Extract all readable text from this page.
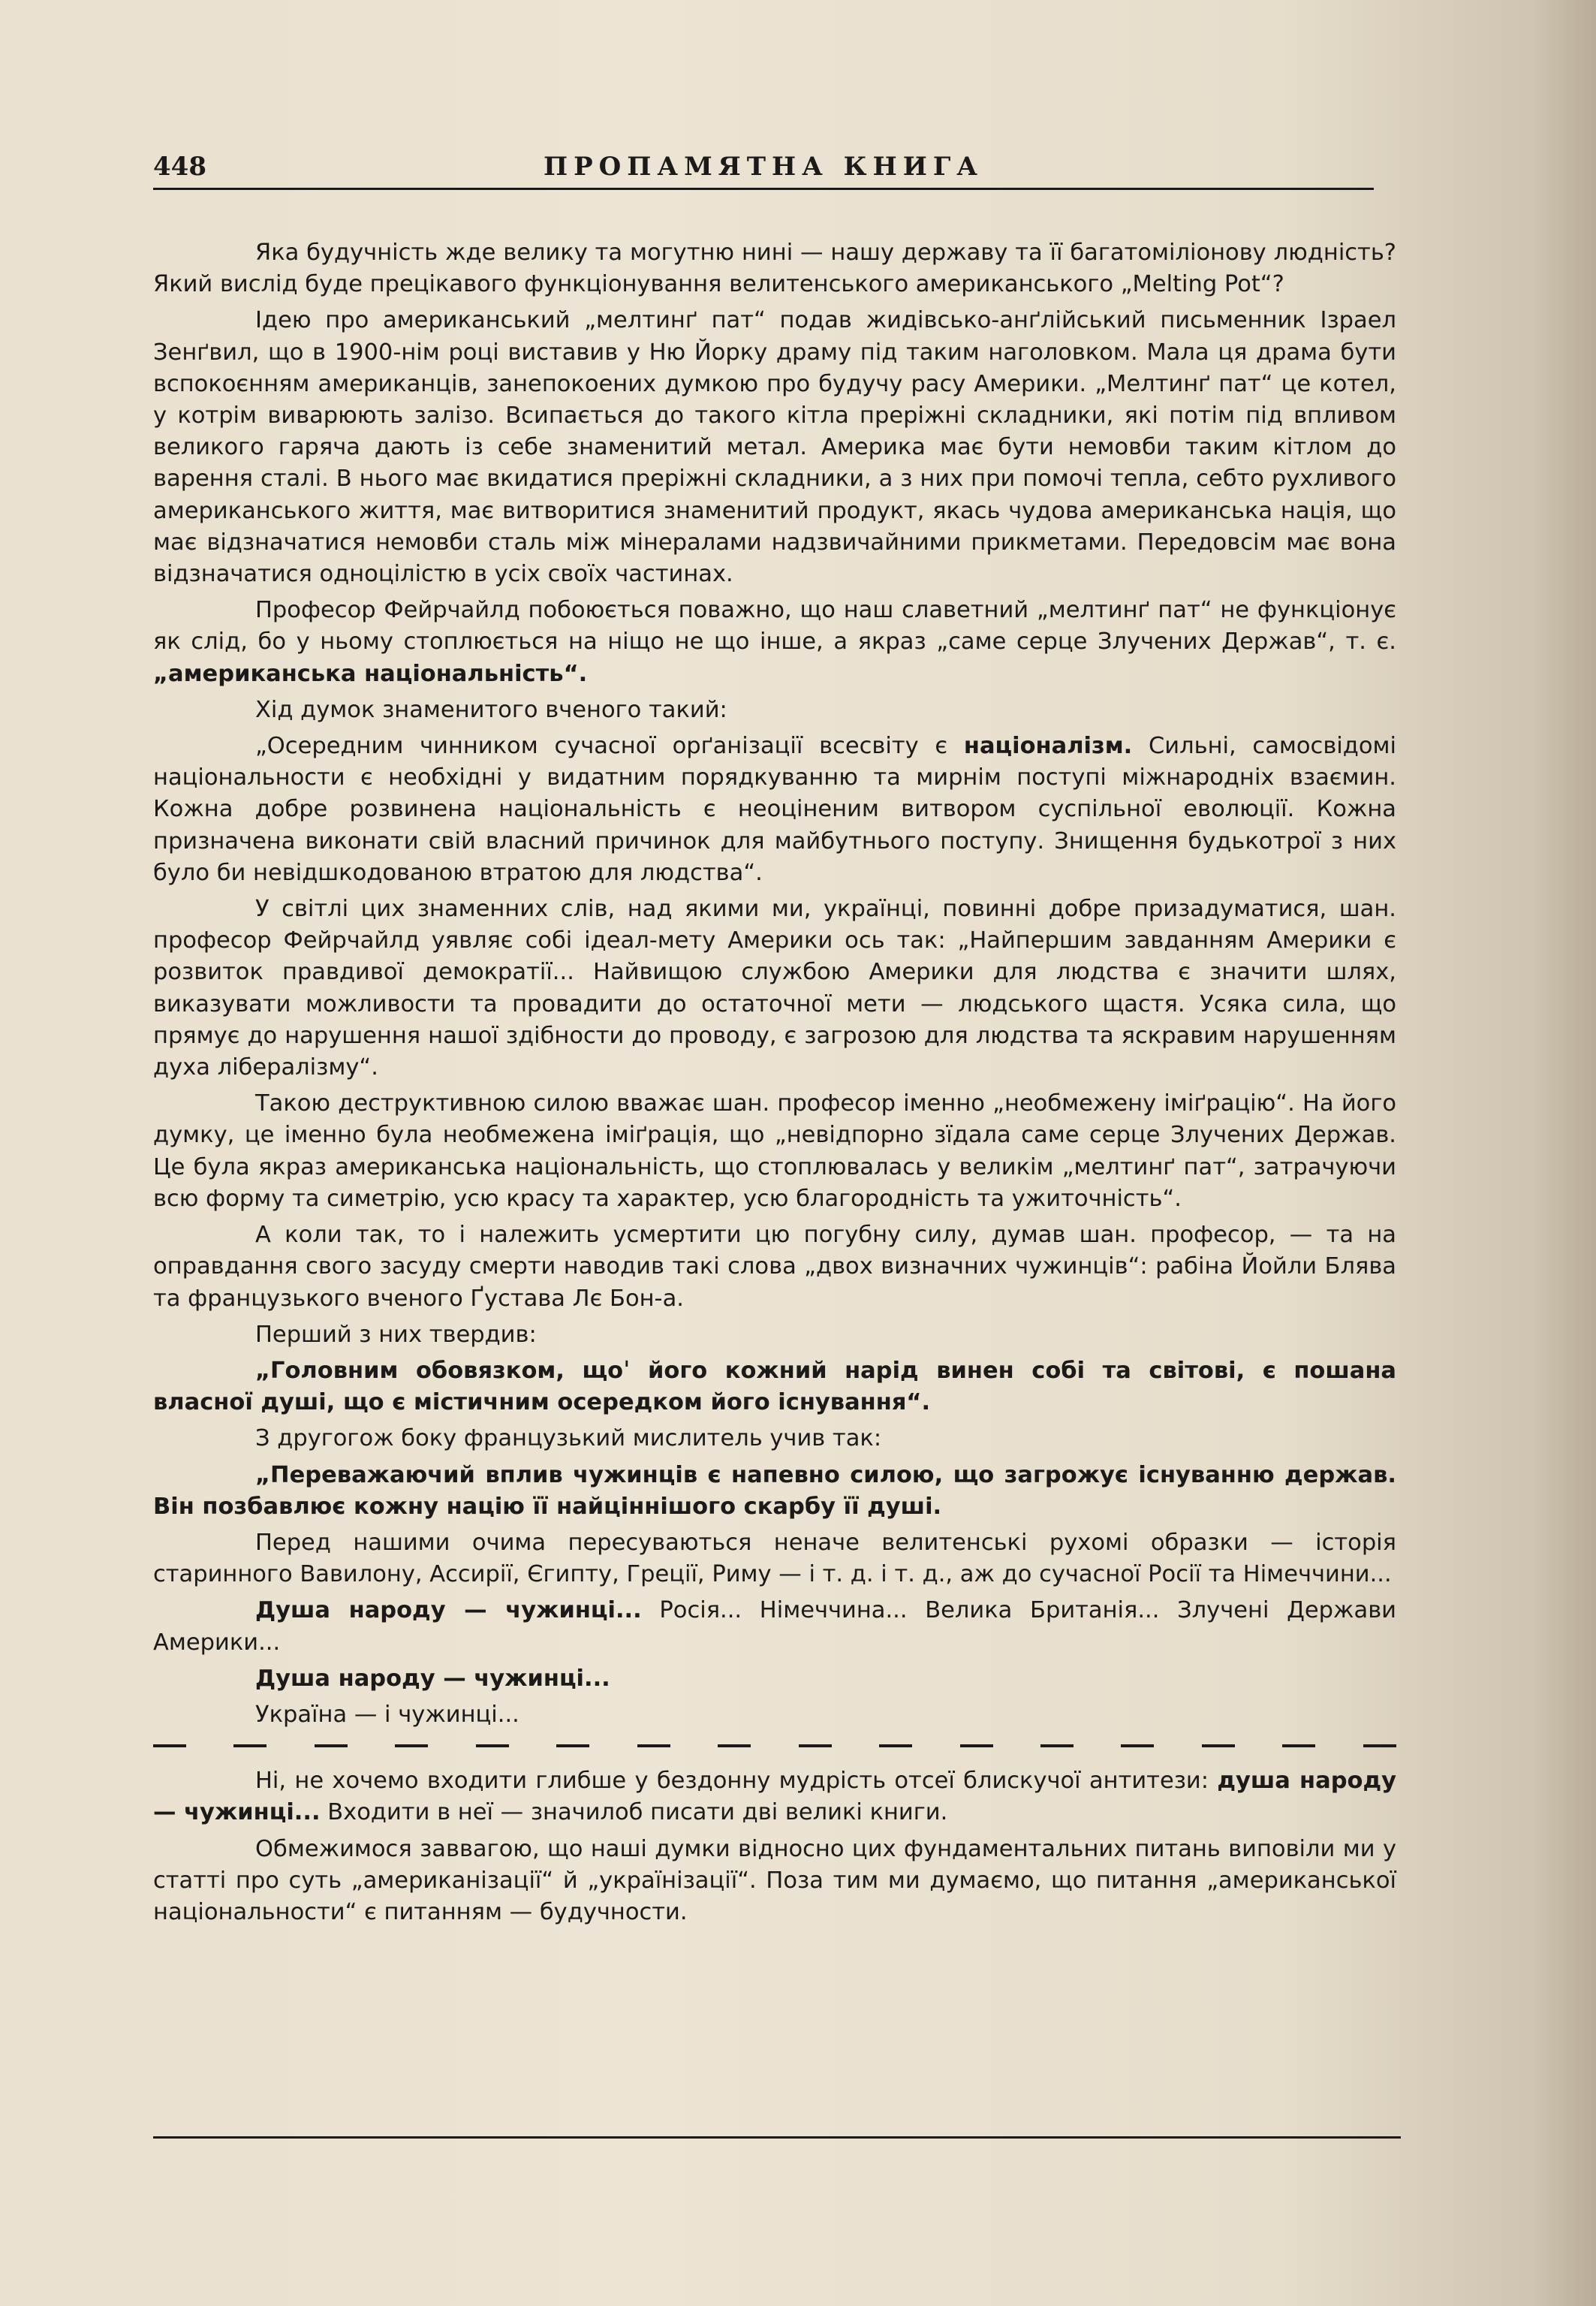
448	ПРОПАМЯТНА КНИГА

Яка будучність жде велику та могутню нині — нашу державу та її багатоміліонову людність? Який вислід буде прецікавого функціонування велитенського американського „Melting Pot“?

Ідею про американський „мелтинґ пат“ подав жидівсько-анґлійський письменник Ізраел Зенґвил, що в 1900-нім році виставив у Ню Йорку драму під таким наголовком. Мала ця драма бути вспокоєнням американців, занепокоених думкою про будучу расу Америки. „Мелтинґ пат“ це котел, у котрім виварюють залізо. Всипається до такого кітла преріжні складники, які потім під впливом великого гаряча дають із себе знаменитий метал. Америка має бути немовби таким кітлом до варення сталі. В нього має вкидатися преріжні складники, а з них при помочі тепла, себто рухливого американського життя, має витворитися знаменитий продукт, якась чудова американська нація, що має відзначатися немовби сталь між мінералами надзвичайними прикметами. Передовсім має вона відзначатися одноцілістю в усіх своїх частинах.

Професор Фейрчайлд побоюється поважно, що наш славетний „мелтинґ пат“ не функціонує як слід, бо у ньому стоплюється на ніщо не що інше, а якраз „саме серце Злучених Держав“, т. є. „американська національність“.

Хід думок знаменитого вченого такий:

„Осередним чинником сучасної орґанізації всесвіту є націоналізм. Сильні, самосвідомі національности є необхідні у видатним порядкуванню та мирнім поступі міжнародніх взаємин. Кожна добре розвинена національність є неоціненим витвором суспільної еволюції. Кожна призначена виконати свій власний причинок для майбутнього поступу. Знищення будькотрої з них було би невідшкодованою втратою для людства“.

У світлі цих знаменних слів, над якими ми, українці, повинні добре призадуматися, шан. професор Фейрчайлд уявляє собі ідеал-мету Америки ось так: „Найпершим завданням Америки є розвиток правдивої демократії... Найвищою службою Америки для людства є значити шлях, виказувати можливости та провадити до остаточної мети — людського щастя. Усяка сила, що прямує до нарушення нашої здібности до проводу, є загрозою для людства та яскравим нарушенням духа лібералізму“.

Такою деструктивною силою вважає шан. професор іменно „необмежену іміґрацію“. На його думку, це іменно була необмежена іміґрація, що „невідпорно зїдала саме серце Злучених Держав. Це була якраз американська національність, що стоплювалась у великім „мелтинґ пат“, затрачуючи всю форму та симетрію, усю красу та характер, усю благородність та ужиточність“.

А коли так, то і належить усмертити цю погубну силу, думав шан. професор, — та на оправдання свого засуду смерти наводив такі слова „двох визначних чужинців“: рабіна Йойли Блява та французького вченого Ґустава Лє Бон-а.

Перший з них твердив:

„Головним обовязком, щоˈ його кожний нарід винен собі та світові, є пошана власної душі, що є містичним осередком його існування“.

З другогож боку французький мислитель учив так:

„Переважаючий вплив чужинців є напевно силою, що загрожує існуванню держав. Він позбавлює кожну націю її найціннішого скарбу її душі.

Перед нашими очима пересуваються неначе велитенські рухомі образки — історія старинного Вавилону, Ассирії, Єгипту, Греції, Риму — і т. д. і т. д., аж до сучасної Росії та Німеччини...

Душа народу — чужинці... Росія... Німеччина... Велика Британія... Злучені Держави Америки...

Душа народу — чужинці...

Україна — і чужинці...

Ні, не хочемо входити глибше у бездонну мудрість отсеї блискучої антитези: душа народу — чужинці... Входити в неї — значилоб писати дві великі книги.

Обмежимося заввагою, що наші думки відносно цих фундаментальних питань виповіли ми у статті про суть „американізації“ й „українізації“. Поза тим ми думаємо, що питання „американської національности“ є питанням — будучности.
